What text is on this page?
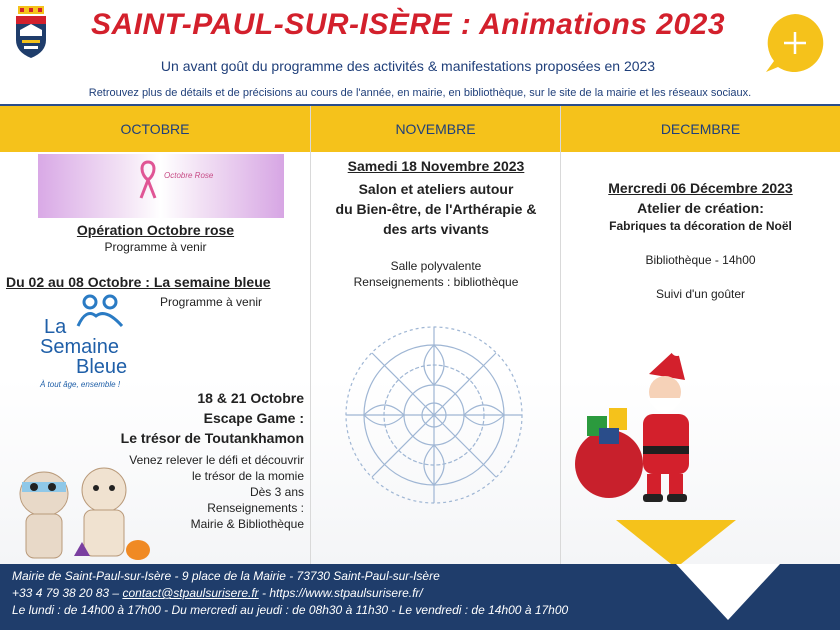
SAINT-PAUL-SUR-ISÈRE : Animations 2023
Un avant goût du programme des activités & manifestations proposées en 2023
Retrouvez plus de détails et de précisions au cours de l'année, en mairie, en bibliothèque, sur le site de la mairie et les réseaux sociaux.
OCTOBRE	NOVEMBRE	DECEMBRE
Octobre Rose
Opération Octobre rose
Programme à venir
Du 02 au 08 Octobre : La semaine bleue
Programme à venir
La
Semaine
Bleue
À tout âge, ensemble !
18 & 21 Octobre
Escape Game :
Le trésor de Toutankhamon
Venez relever le défi et découvrir
le trésor de la momie
Dès 3 ans
Renseignements :
Mairie & Bibliothèque
Samedi 18 Novembre 2023
Salon et ateliers autour
du Bien-être, de l'Arthérapie &
des arts vivants
Salle polyvalente
Renseignements : bibliothèque
Mercredi 06 Décembre 2023
Atelier de création:
Fabriques ta décoration de Noël
Bibliothèque - 14h00
Suivi d'un goûter
Mairie de Saint-Paul-sur-Isère - 9 place de la Mairie - 73730 Saint-Paul-sur-Isère
+33 4 79 38 20 83 – contact@stpaulsurisere.fr - https://www.stpaulsurisere.fr/
Le lundi : de 14h00 à 17h00 - Du mercredi au jeudi : de 08h30 à 11h30 - Le vendredi : de 14h00 à 17h00
